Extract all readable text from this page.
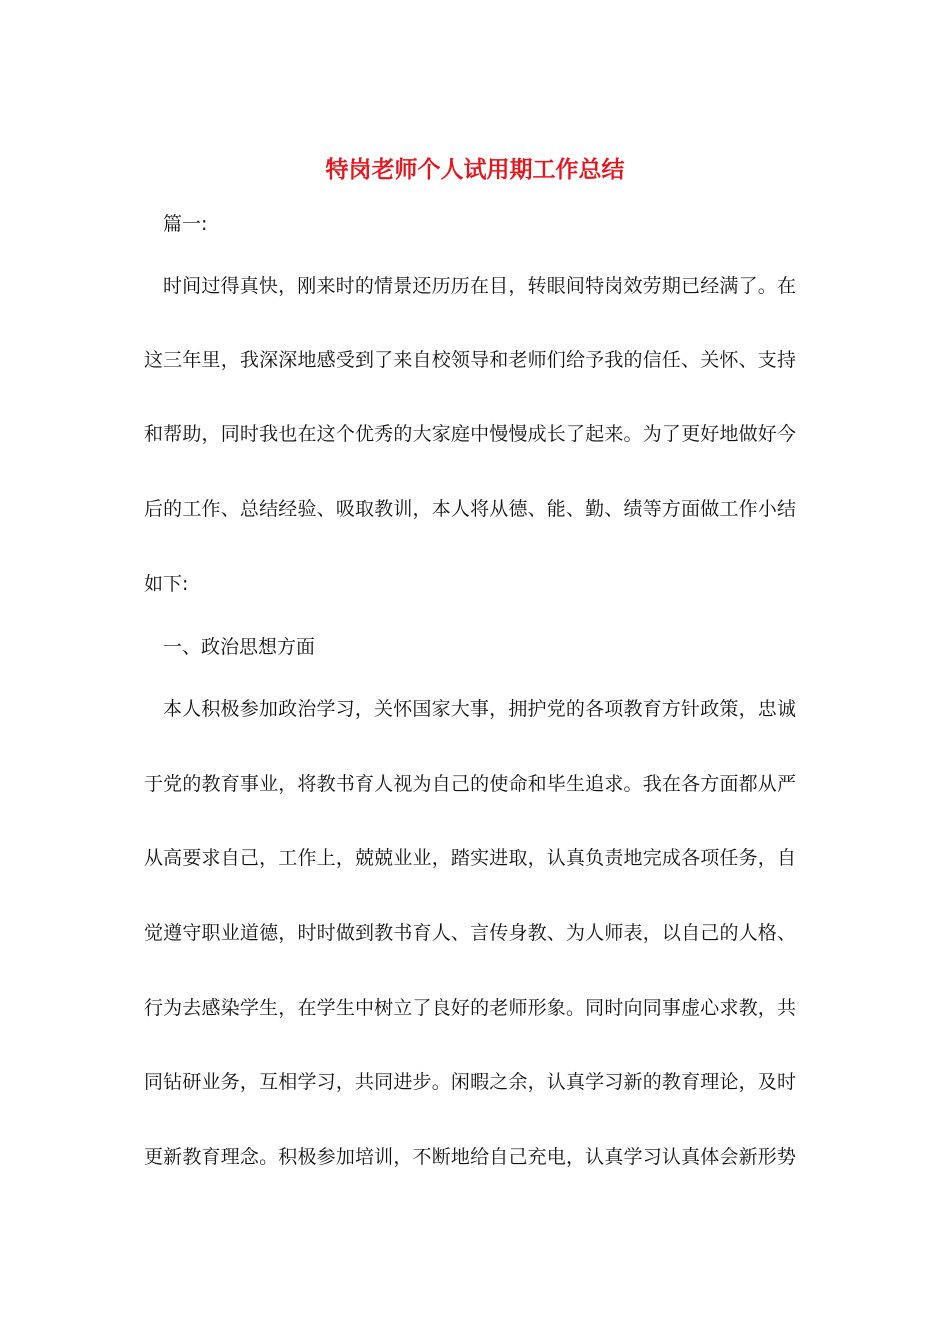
特岗老师个人试用期工作总结
篇一:
时间过得真快，刚来时的情景还历历在目，转眼间特岗效劳期已经满了。在
这三年里，我深深地感受到了来自校领导和老师们给予我的信任、关怀、支持
和帮助，同时我也在这个优秀的大家庭中慢慢成长了起来。为了更好地做好今
后的工作、总结经验、吸取教训，本人将从德、能、勤、绩等方面做工作小结
如下:
一、政治思想方面
本人积极参加政治学习，关怀国家大事，拥护党的各项教育方针政策，忠诚
于党的教育事业，将教书育人视为自己的使命和毕生追求。我在各方面都从严
从高要求自己，工作上，兢兢业业，踏实进取，认真负责地完成各项任务，自
觉遵守职业道德，时时做到教书育人、言传身教、为人师表，以自己的人格、
行为去感染学生，在学生中树立了良好的老师形象。同时向同事虚心求教，共
同钻研业务，互相学习，共同进步。闲暇之余，认真学习新的教育理论，及时
更新教育理念。积极参加培训，不断地给自己充电，认真学习认真体会新形势
